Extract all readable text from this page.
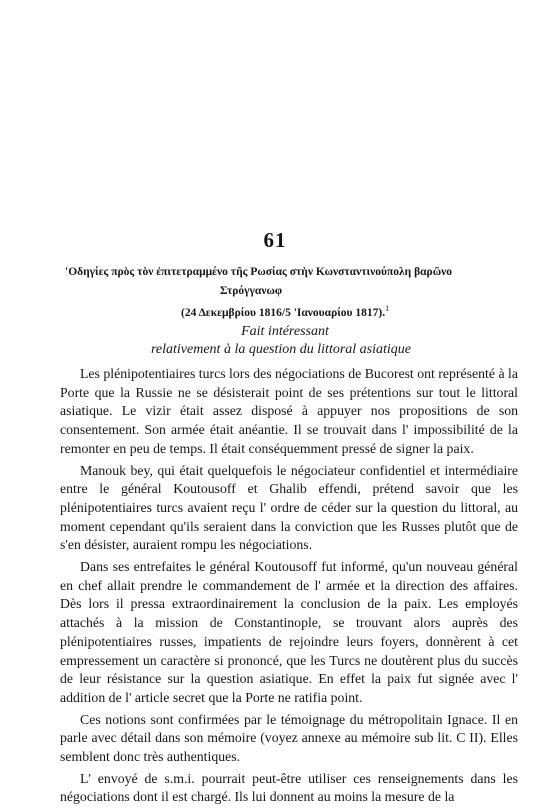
61
'Οδηγίες πρὸς τὸν ἐπιτετραμμένο τῆς Ρωσίας στὴν Κωνσταντινούπολη βαρῶνο
Στρόγγανωφ
(24 Δεκεμβρίου 1816/5 'Ιανουαρίου 1817).$^1$
Fait intéressant
relativement à la question du littoral asiatique

Les plénipotentiaires turcs lors des négociations de Bucorest ont représenté à la Porte que la Russie ne se désisterait point de ses prétentions sur tout le littoral asiatique. Le vizir était assez disposé à appuyer nos propositions de son consentement. Son armée était anéantie. Il se trouvait dans l' impossibilité de la remonter en peu de temps. Il était conséquemment pressé de signer la paix.

Manouk bey, qui était quelquefois le négociateur confidentiel et intermédiaire entre le général Koutousoff et Ghalib effendi, prétend savoir que les plénipotentiaires turcs avaient reçu l' ordre de céder sur la question du littoral, au moment cependant qu'ils seraient dans la conviction que les Russes plutôt que de s'en désister, auraient rompu les négociations.

Dans ses entrefaites le général Koutousoff fut informé, qu'un nouveau général en chef allait prendre le commandement de l' armée et la direction des affaires. Dès lors il pressa extraordinairement la conclusion de la paix. Les employés attachés à la mission de Constantinople, se trouvant alors auprès des plénipotentiaires russes, impatients de rejoindre leurs foyers, donnèrent à cet empressement un caractère si prononcé, que les Turcs ne doutèrent plus du succès de leur résistance sur la question asiatique. En effet la paix fut signée avec l' addition de l' article secret que la Porte ne ratifia point.

Ces notions sont confirmées par le témoignage du métropolitain Ignace. Il en parle avec détail dans son mémoire (voyez annexe au mémoire sub lit. C II). Elles semblent donc très authentiques.

L' envoyé de s.m.i. pourrait peut-être utiliser ces renseignements dans les négociations dont il est chargé. Ils lui donnent au moins la mesure de la
